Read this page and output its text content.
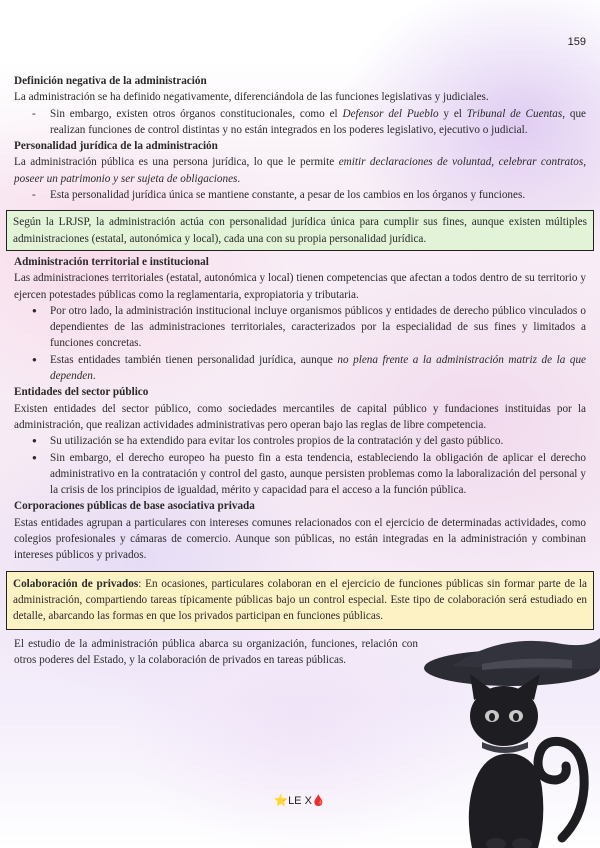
159

Definición negativa de la administración

La administración se ha definido negativamente, diferenciándola de las funciones legislativas y judiciales.

- Sin embargo, existen otros órganos constitucionales, como el Defensor del Pueblo y el Tribunal de Cuentas, que realizan funciones de control distintas y no están integrados en los poderes legislativo, ejecutivo o judicial.

Personalidad jurídica de la administración

La administración pública es una persona jurídica, lo que le permite emitir declaraciones de voluntad, celebrar contratos, poseer un patrimonio y ser sujeta de obligaciones.

- Esta personalidad jurídica única se mantiene constante, a pesar de los cambios en los órganos y funciones.
Según la LRJSP, la administración actúa con personalidad jurídica única para cumplir sus fines, aunque existen múltiples administraciones (estatal, autonómica y local), cada una con su propia personalidad jurídica.

Administración territorial e institucional

Las administraciones territoriales (estatal, autonómica y local) tienen competencias que afectan a todos dentro de su territorio y ejercen potestades públicas como la reglamentaria, expropiatoria y tributaria.

● Por otro lado, la administración institucional incluye organismos públicos y entidades de derecho público vinculados o dependientes de las administraciones territoriales, caracterizados por la especialidad de sus fines y limitados a funciones concretas.
● Estas entidades también tienen personalidad jurídica, aunque no plena frente a la administración matriz de la que dependen.

Entidades del sector público

Existen entidades del sector público, como sociedades mercantiles de capital público y fundaciones instituidas por la administración, que realizan actividades administrativas pero operan bajo las reglas de libre competencia.

● Su utilización se ha extendido para evitar los controles propios de la contratación y del gasto público.
● Sin embargo, el derecho europeo ha puesto fin a esta tendencia, estableciendo la obligación de aplicar el derecho administrativo en la contratación y control del gasto, aunque persisten problemas como la laboralización del personal y la crisis de los principios de igualdad, mérito y capacidad para el acceso a la función pública.

Corporaciones públicas de base asociativa privada

Estas entidades agrupan a particulares con intereses comunes relacionados con el ejercicio de determinadas actividades, como colegios profesionales y cámaras de comercio. Aunque son públicas, no están integradas en la administración y combinan intereses públicos y privados.

Colaboración de privados: En ocasiones, particulares colaboran en el ejercicio de funciones públicas sin formar parte de la administración, compartiendo tareas típicamente públicas bajo un control especial. Este tipo de colaboración será estudiado en detalle, abarcando las formas en que los privados participan en funciones públicas.

El estudio de la administración pública abarca su organización, funciones, relación con otros poderes del Estado, y la colaboración de privados en tareas públicas.

⭐LE X🩸
